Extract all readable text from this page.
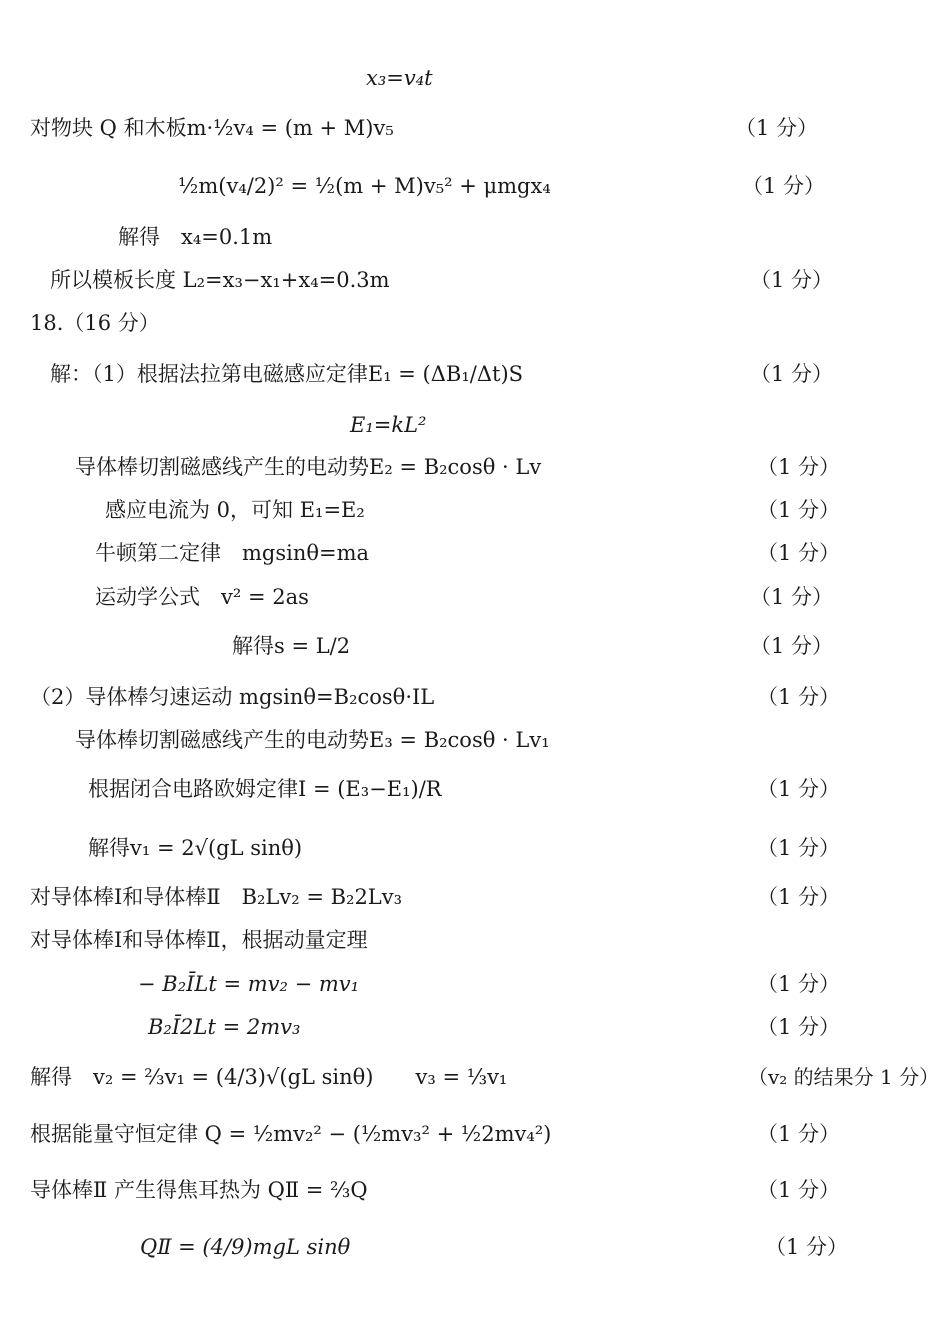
x₃=v₄t
对物块 Q 和木板m·½v₄ = (m + M)v₅	（1 分）
½m(v₄/2)² = ½(m + M)v₅² + μmgx₄	（1 分）
解得　x₄=0.1m
所以模板长度 L₂=x₃−x₁+x₄=0.3m	（1 分）
18.（16 分）
解：（1）根据法拉第电磁感应定律E₁ = (ΔB₁/Δt)S	（1 分）
E₁=kL²
导体棒切割磁感线产生的电动势E₂ = B₂cosθ · Lv	（1 分）
感应电流为 0，可知 E₁=E₂	（1 分）
牛顿第二定律　mgsinθ=ma	（1 分）
运动学公式　v² = 2as	（1 分）
解得s = L/2	（1 分）
（2）导体棒匀速运动 mgsinθ=B₂cosθ·IL	（1 分）
导体棒切割磁感线产生的电动势E₃ = B₂cosθ · Lv₁
根据闭合电路欧姆定律I = (E₃−E₁)/R	（1 分）
解得v₁ = 2√(gL sinθ)	（1 分）
对导体棒Ⅰ和导体棒Ⅱ　B₂Lv₂ = B₂2Lv₃	（1 分）
对导体棒Ⅰ和导体棒Ⅱ，根据动量定理
− B₂ĪLt = mv₂ − mv₁	（1 分）
B₂Ī2Lt = 2mv₃	（1 分）
解得　v₂ = ⅔v₁ = (4/3)√(gL sinθ)　　v₃ = ⅓v₁	（v₂ 的结果分 1 分）
根据能量守恒定律 Q = ½mv₂² − (½mv₃² + ½2mv₄²)	（1 分）
导体棒Ⅱ 产生得焦耳热为 QⅡ = ⅔Q	（1 分）
QⅡ = (4/9)mgL sinθ	（1 分）
